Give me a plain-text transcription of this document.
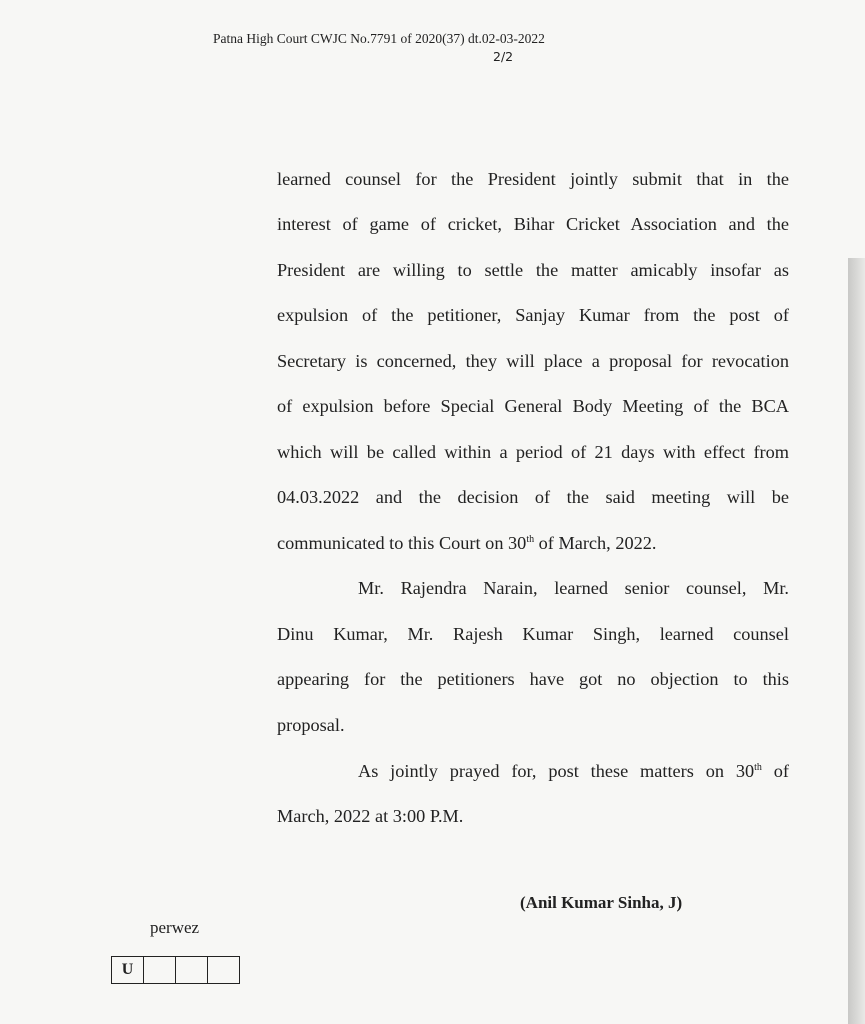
Patna High Court CWJC No.7791 of 2020(37) dt.02-03-2022
2/2
learned counsel for the President jointly submit that in the
interest of game of cricket, Bihar Cricket Association and the
President are willing to settle the matter amicably insofar as
expulsion of the petitioner, Sanjay Kumar from the post of
Secretary is concerned, they will place a proposal for revocation
of expulsion before Special General Body Meeting of the BCA
which will be called within a period of 21 days with effect from
04.03.2022 and the decision of the said meeting will be
communicated to this Court on 30th of March, 2022.
Mr. Rajendra Narain, learned senior counsel, Mr.
Dinu Kumar, Mr. Rajesh Kumar Singh, learned counsel
appearing for the petitioners have got no objection to this
proposal.
As jointly prayed for, post these matters on 30th of
March, 2022 at 3:00 P.M.
(Anil Kumar Sinha, J)
perwez
U
